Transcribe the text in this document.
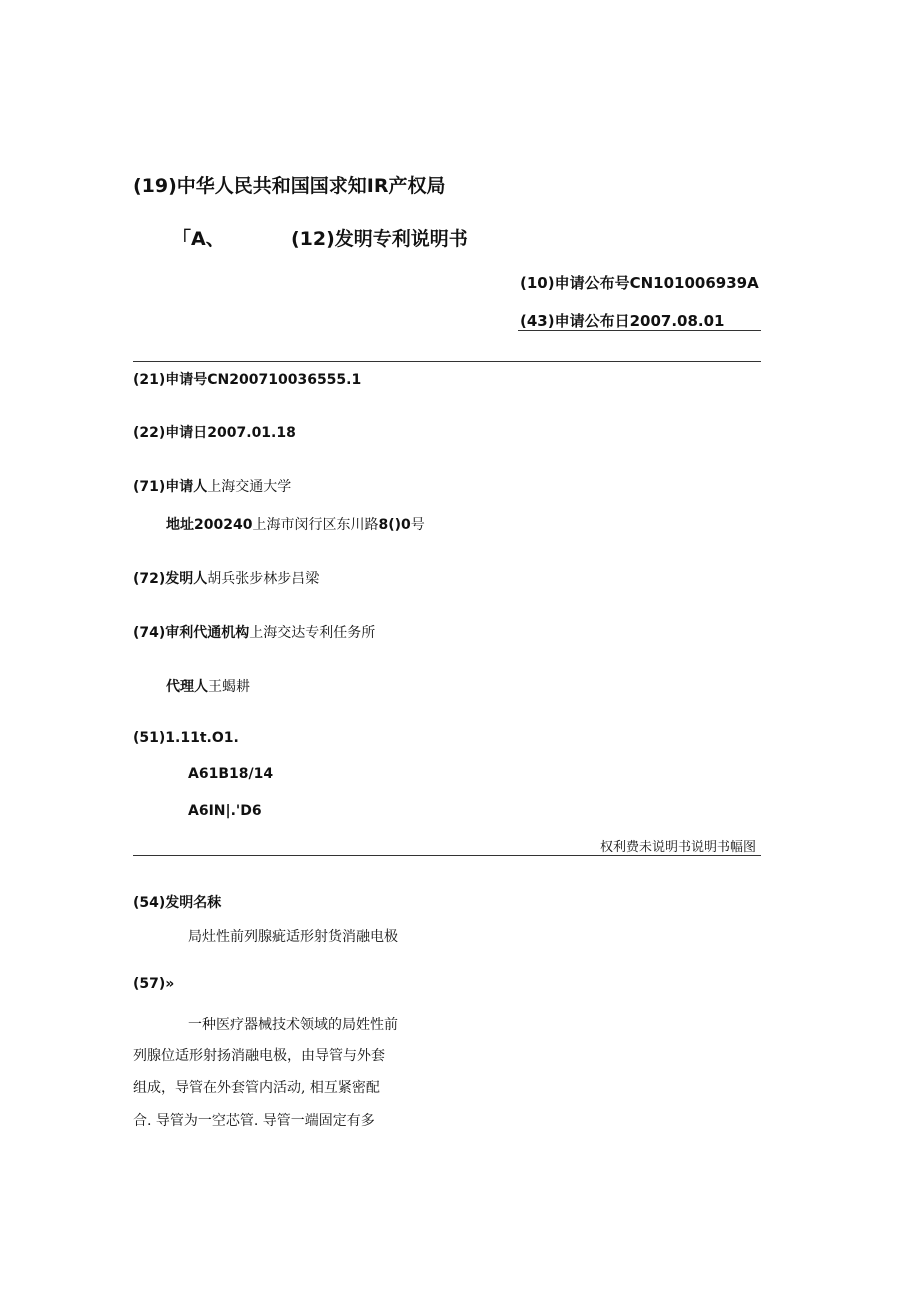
(19)中华人民共和国国求知IR产权局
「A、	(12)发明专利说明书
(10)申请公布号CN101006939A
(43)申请公布日2007.08.01
(21)申请号CN200710036555.1
(22)申请日2007.01.18
(71)申请人上海交通大学
地址200240上海市闵行区东川路8()0号
(72)发明人胡兵张步林步吕梁
(74)审利代通机构上海交达专利任务所
代理人王蝎耕
(51)1.11t.O1.
A61B18/14
A6IN|.'D6
权利费未说明书说明书幅图
(54)发明名秣
局灶性前列腺疵适形射货消融电极
(57)»
一种医疗器械技术领域的局姓性前
列腺位适形射扬消融电极，由导管与外套
组成，导管在外套管内活动, 相互紧密配
合. 导管为一空芯管. 导管一端固定有多
